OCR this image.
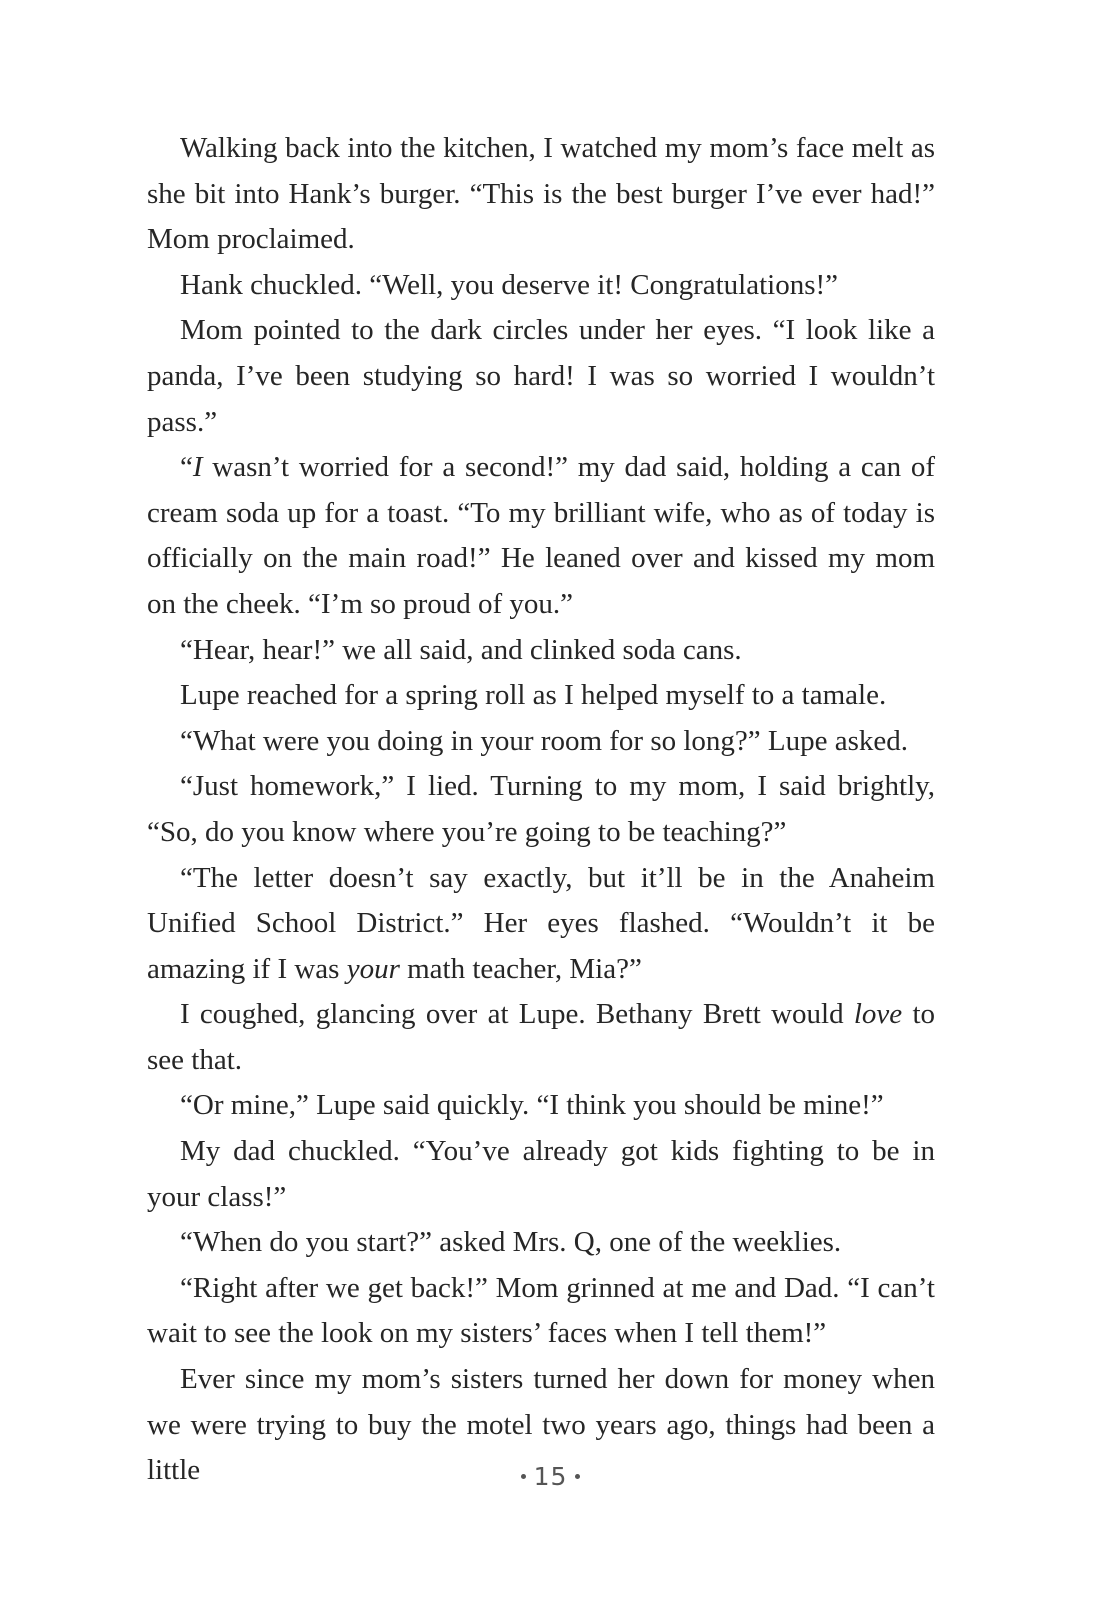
Walking back into the kitchen, I watched my mom’s face melt as she bit into Hank’s burger. “This is the best burger I’ve ever had!” Mom proclaimed.

Hank chuckled. “Well, you deserve it! Congratulations!”

Mom pointed to the dark circles under her eyes. “I look like a panda, I’ve been studying so hard! I was so worried I wouldn’t pass.”

“I wasn’t worried for a second!” my dad said, holding a can of cream soda up for a toast. “To my brilliant wife, who as of today is officially on the main road!” He leaned over and kissed my mom on the cheek. “I’m so proud of you.”

“Hear, hear!” we all said, and clinked soda cans.

Lupe reached for a spring roll as I helped myself to a tamale.

“What were you doing in your room for so long?” Lupe asked.

“Just homework,” I lied. Turning to my mom, I said brightly, “So, do you know where you’re going to be teaching?”

“The letter doesn’t say exactly, but it’ll be in the Anaheim Unified School District.” Her eyes flashed. “Wouldn’t it be amazing if I was your math teacher, Mia?”

I coughed, glancing over at Lupe. Bethany Brett would love to see that.

“Or mine,” Lupe said quickly. “I think you should be mine!”

My dad chuckled. “You’ve already got kids fighting to be in your class!”

“When do you start?” asked Mrs. Q, one of the weeklies.

“Right after we get back!” Mom grinned at me and Dad. “I can’t wait to see the look on my sisters’ faces when I tell them!”

Ever since my mom’s sisters turned her down for money when we were trying to buy the motel two years ago, things had been a little	15
